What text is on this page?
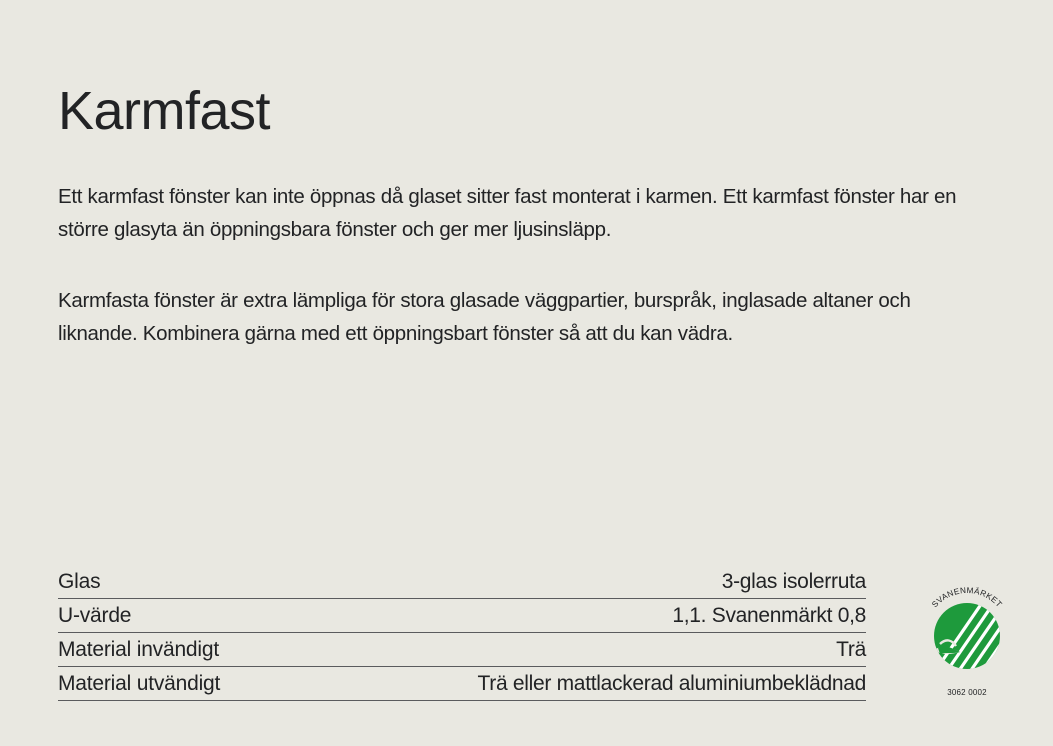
Karmfast

Ett karmfast fönster kan inte öppnas då glaset sitter fast monterat i karmen. Ett karmfast fönster har en större glasyta än öppningsbara fönster och ger mer ljusinsläpp.

Karmfasta fönster är extra lämpliga för stora glasade väggpartier, burspråk, inglasade altaner och liknande. Kombinera gärna med ett öppningsbart fönster så att du kan vädra.

Glas	3-glas isolerruta
U-värde	1,1. Svanenmärkt 0,8
Material invändigt	Trä
Material utvändigt	Trä eller mattlackerad aluminiumbeklädnad
SVANENMÄRKET
3062 0002
